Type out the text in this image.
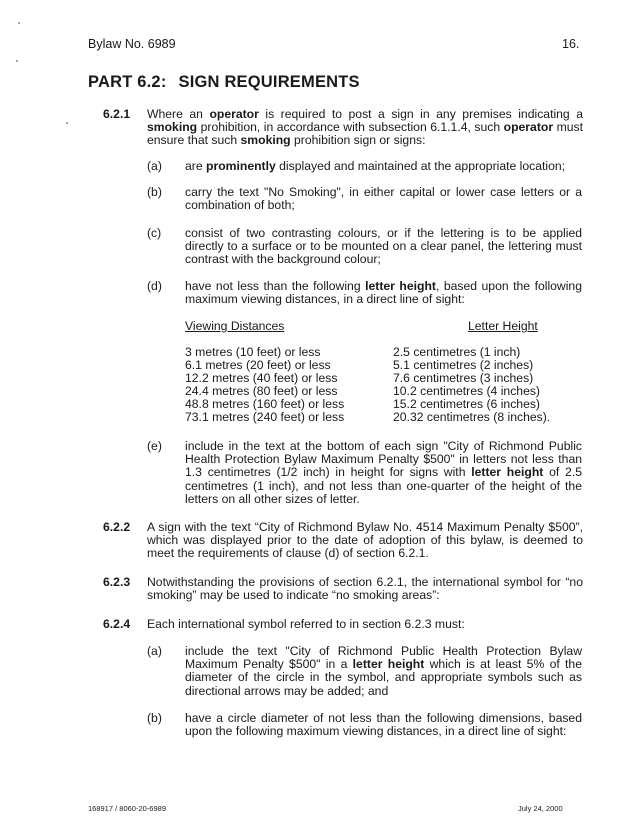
Bylaw No. 6989	16.
PART 6.2: SIGN REQUIREMENTS
6.2.1 Where an operator is required to post a sign in any premises indicating a smoking prohibition, in accordance with subsection 6.1.1.4, such operator must ensure that such smoking prohibition sign or signs:
(a) are prominently displayed and maintained at the appropriate location;
(b) carry the text "No Smoking", in either capital or lower case letters or a combination of both;
(c) consist of two contrasting colours, or if the lettering is to be applied directly to a surface or to be mounted on a clear panel, the lettering must contrast with the background colour;
(d) have not less than the following letter height, based upon the following maximum viewing distances, in a direct line of sight:
Viewing Distances	Letter Height
3 metres (10 feet) or less	2.5 centimetres (1 inch)
6.1 metres (20 feet) or less	5.1 centimetres (2 inches)
12.2 metres (40 feet) or less	7.6 centimetres (3 inches)
24.4 metres (80 feet) or less	10.2 centimetres (4 inches)
48.8 metres (160 feet) or less	15.2 centimetres (6 inches)
73.1 metres (240 feet) or less	20.32 centimetres (8 inches).
(e) include in the text at the bottom of each sign "City of Richmond Public Health Protection Bylaw Maximum Penalty $500" in letters not less than 1.3 centimetres (1/2 inch) in height for signs with letter height of 2.5 centimetres (1 inch), and not less than one-quarter of the height of the letters on all other sizes of letter.
6.2.2 A sign with the text “City of Richmond Bylaw No. 4514 Maximum Penalty $500”, which was displayed prior to the date of adoption of this bylaw, is deemed to meet the requirements of clause (d) of section 6.2.1.
6.2.3 Notwithstanding the provisions of section 6.2.1, the international symbol for “no smoking” may be used to indicate “no smoking areas”:
6.2.4 Each international symbol referred to in section 6.2.3 must:
(a) include the text "City of Richmond Public Health Protection Bylaw Maximum Penalty $500" in a letter height which is at least 5% of the diameter of the circle in the symbol, and appropriate symbols such as directional arrows may be added; and
(b) have a circle diameter of not less than the following dimensions, based upon the following maximum viewing distances, in a direct line of sight:
168917 / 8060-20-6989	July 24, 2000
